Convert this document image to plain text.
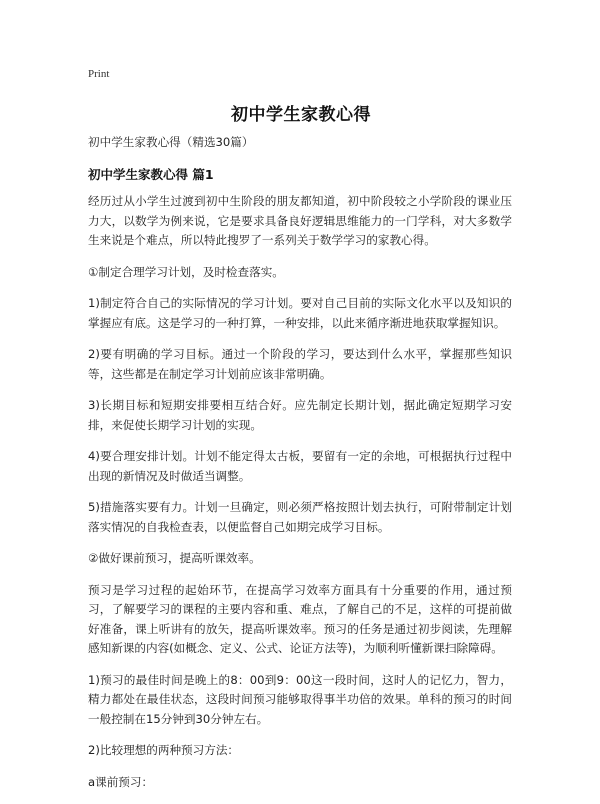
Print
初中学生家教心得

初中学生家教心得（精选30篇）

初中学生家教心得 篇1

经历过从小学生过渡到初中生阶段的朋友都知道，初中阶段较之小学阶段的课业压力大，以数学为例来说，它是要求具备良好逻辑思维能力的一门学科，对大多数学生来说是个难点，所以特此搜罗了一系列关于数学学习的家教心得。

①制定合理学习计划，及时检查落实。

1)制定符合自己的实际情况的学习计划。要对自己目前的实际文化水平以及知识的掌握应有底。这是学习的一种打算，一种安排，以此来循序渐进地获取掌握知识。

2)要有明确的学习目标。通过一个阶段的学习，要达到什么水平，掌握那些知识等，这些都是在制定学习计划前应该非常明确。

3)长期目标和短期安排要相互结合好。应先制定长期计划，据此确定短期学习安排，来促使长期学习计划的实现。

4)要合理安排计划。计划不能定得太古板，要留有一定的余地，可根据执行过程中出现的新情况及时做适当调整。

5)措施落实要有力。计划一旦确定，则必须严格按照计划去执行，可附带制定计划落实情况的自我检查表，以便监督自己如期完成学习目标。

②做好课前预习，提高听课效率。

预习是学习过程的起始环节，在提高学习效率方面具有十分重要的作用，通过预习，了解要学习的课程的主要内容和重、难点，了解自己的不足，这样的可提前做好准备，课上听讲有的放矢，提高听课效率。预习的任务是通过初步阅读，先理解感知新课的内容(如概念、定义、公式、论证方法等)，为顺利听懂新课扫除障碍。

1)预习的最佳时间是晚上的8：00到9：00这一段时间，这时人的记忆力，智力，精力都处在最佳状态，这段时间预习能够取得事半功倍的效果。单科的预习的时间一般控制在15分钟到30分钟左右。

2)比较理想的两种预习方法：

a课前预习：
